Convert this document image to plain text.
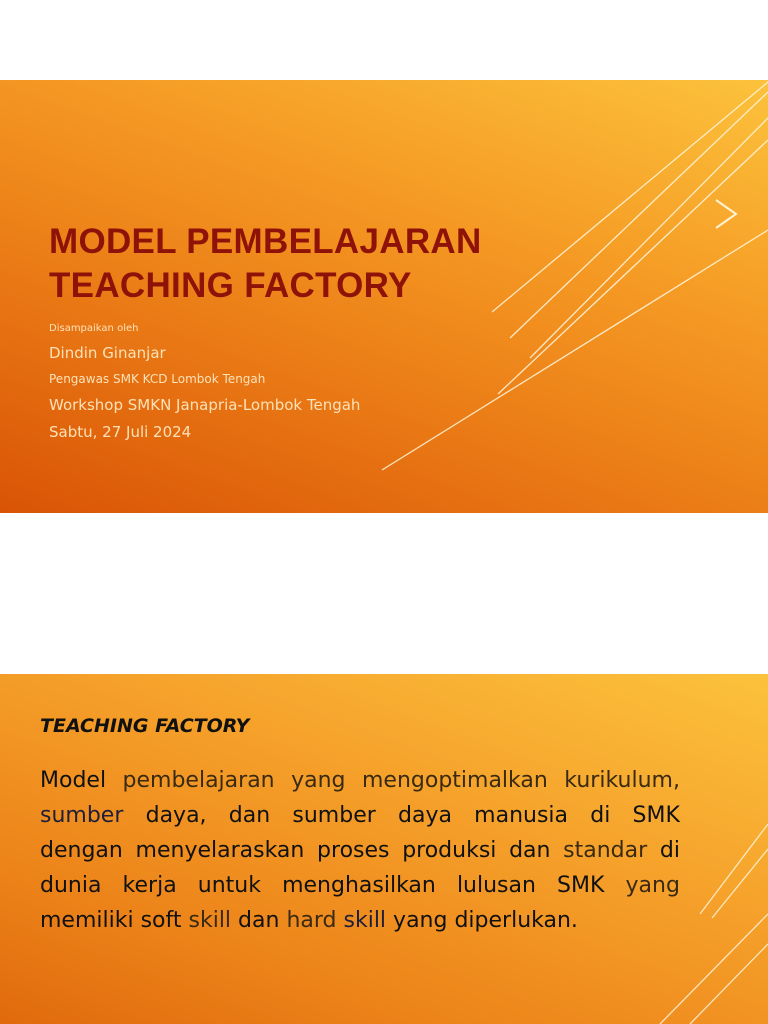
MODEL PEMBELAJARAN
TEACHING FACTORY
Disampaikan oleh
Dindin Ginanjar
Pengawas SMK KCD Lombok Tengah
Workshop SMKN Janapria-Lombok Tengah
Sabtu, 27 Juli 2024
TEACHING FACTORY
Model pembelajaran yang mengoptimalkan kurikulum,
sumber daya, dan sumber daya manusia di SMK
dengan menyelaraskan proses produksi dan standar di
dunia kerja untuk menghasilkan lulusan SMK yang
memiliki soft skill dan hard skill yang diperlukan.
